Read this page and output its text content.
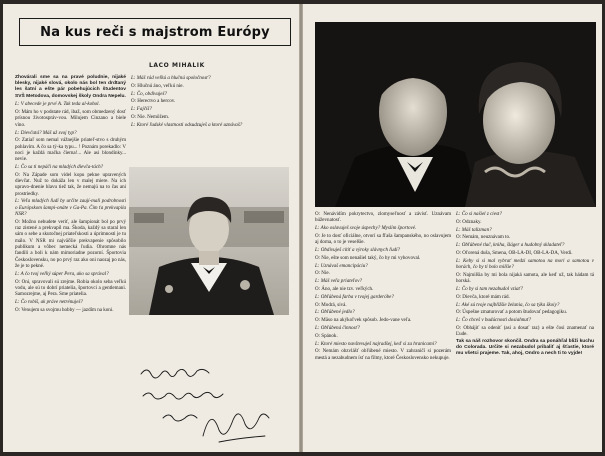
Na kus reči s majstrom Európy
LACO MIHALIK

Zhovárali sme sa na pravé poludnie, nijaké blesky, nijaké slová, okolo nás bol ten drdtaný les šatní a ešte pár pobehujúcich študentov SVŠ Metodova, domovskej školy Ondra Nepelu.

L: V abecede je prvé A. Tak teda al-kohol.

O: Mám ho v podstate rád, ibaž, som obmedzený dosť prísnou životospráv-vou. Milujem Cinzano a biele víno.

L: Dievčatá? Máš už svoj typ?

O: Zatiaľ som nemal vážnejšie priateľ-stvo s druhým pohlavím. A čo sa tý-ka typu... ! Poznám porekadlo: V noci je každá mačka čierna!... Ale asi blondínky... nevie.

L: Čo sa ti nepáči na mladých dievča-tách?

O: Na Západe som videl kopu pekne upravených dievčat. Nuž to dokáža len v malej miere. Na ich upravo-dnenie hlavu tiež tak, že nemajú na to čas ani prostriedky.

L: Veľa mladých ľudí by určite zaují-mali podrobnosti o Európskom šampi-onáte v Ga-Pa. Čím ťa prekvapila NSR?

O: Možno nebudete veriť, ale šampionát bol po prvý raz zistené a prekvapil ma. Škoda, každý sa staral len sám o sebe a skutočnej priateľskosti a úprimnosti je tu málo. V NSR mi najväčšie prekvapenie spôsobilo publikum a vôbec nemecká ľudia. Ohromne nás fandili a boli k nám mimoriadne pozorní. Športovia Československu, no po prvý raz ako oni naozaj po nás, že je to pekné.

L: A čo tvoj veľký súper Pera, ako sa správal?

O: Oni, spravovali sú zrejme. Robia okolo seba veľkú vodu, ale sú to dobrí priatelia, športovci a gentlemani. Samozrejme, aj Pera. Sme priatelia.

L: Čo robíš, ak práve netrénuješ?

O: Venujem sa svojmu hobby — jazdím na koni.

L: Máš rád veľkú a hlučnú spoločnosť?

O: Hlučnú áno, veľkú nie.

L: Čo, obdivuješ?

O: Herectvo a hercov.

L: Fajčíš?

O: Nie. Nemôžem.

L: Ktoré ľudské vlastnosti odsudzuješ a ktoré uznávaš?

O: Nenávidím pokrytectvo, zlomyseľnosť a závisť. Uznávam húževnatosť.

L: Ako oslavuješ svoje úspechy? Myslím športové.

O: Je to dosť oficiálne, otvorí sa fľaša šampanského, no oslavujem aj doma, o to je veselšie.

L: Obdivuješ cítiť a výroky slávnych ľudí?

O: Nie, ešte som nenašiel taký, čo by mi vyhovoval.

L: Uznávaš emancipáciu?

O: Nie.

L: Máš veľa priateľov?

O: Áno, ale nie tzv. veľkých.

L: Obľúbená farba v tvojej garderóbe?

O: Modrá, sivá.

L: Obľúbené jedlo?

O: Mäso na akýkoľvek spôsob. Jedo-vane veľa.

L: Obľúbená činnosť?

O: Spánok.

L: Ktoré miesto navštevuješ najradšej, keď si za hranicami?

O: Nemám obzvlášť obľúbené miesto. V zahraničí si pozerám mestá a nezabudnem ísť na filmy, ktoré Československo nekupuje.

L: Čo si našiel z ciest?

O: Odznaky.

L: Máš talizman?

O: Nemám, neuznávam to.

L: Obľúbené tlač, kniha, šláger a hudobný skladateľ?

O: Oľorená duša, Smena, OB-LA-DI, OB-LA-DA, Verdi.

L: Keby si si mal vybrať medzi samotou na mori a samotou v horách, čo by ti bolo milšie?

O: Najmilšia by mi bola nijaká samota, ale keď už, tak hádam tá horská.

L: Čo by si tam nezabudol vziať?

O: Dievča, ktoré mám rád.

L: Aké sú tvoje najbližšie želania, čo sa týka škoiy?

O: Úspešne zmaturovať a potom študovať pedagogiku.

L: Čo chceš v budúcnosti dosiahnuť?

O: Obhájiť sa odeniť (asi a dosať raz) a ešte čosi znamenať na Ľude.

Tak sa náš rozhovor skončil. Ondra sa ponáhľal bliži kuchu do Colorada. Určite si nezabudol pribaliť aj šťastie, ktoré mu všetci prajeme. Tak, ahoj, Ondro a nech ti to vyjde!
